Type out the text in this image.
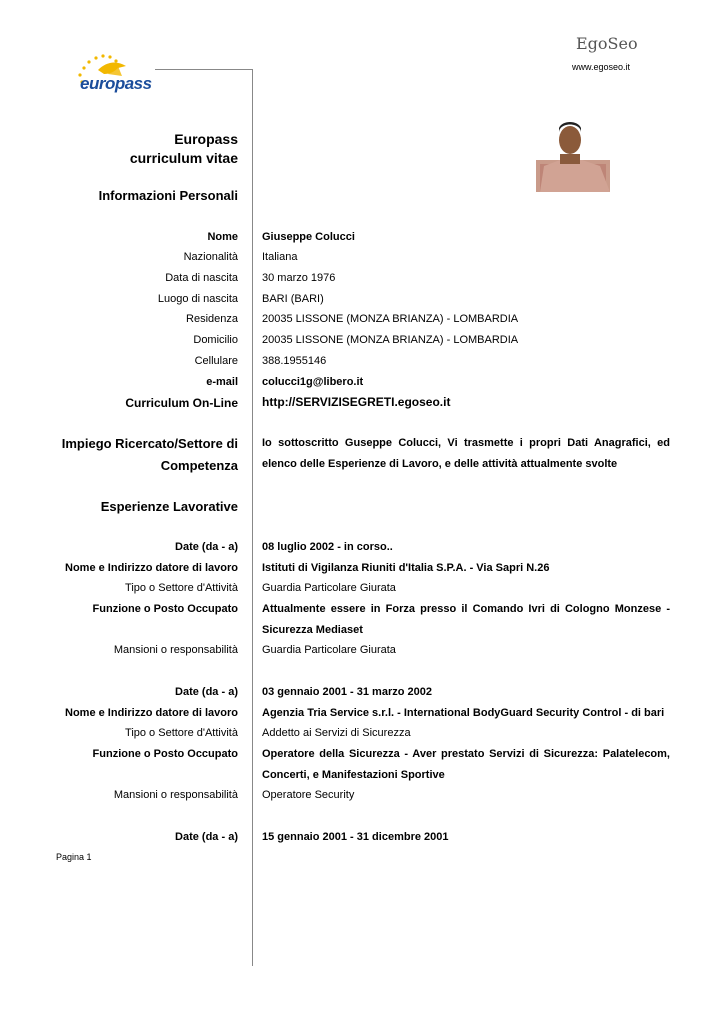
europass
EgoSeo
www.egoseo.it
Europass
curriculum vitae
Informazioni Personali
Nome Giuseppe Colucci
Nazionalità Italiana
Data di nascita 30 marzo 1976
Luogo di nascita BARI (BARI)
Residenza 20035 LISSONE (MONZA BRIANZA) - LOMBARDIA
Domicilio 20035 LISSONE (MONZA BRIANZA) - LOMBARDIA
Cellulare 388.1955146
e-mail colucci1g@libero.it
Curriculum On-Line http://SERVIZISEGRETI.egoseo.it
Impiego Ricercato/Settore di
Competenza
Io sottoscritto Guseppe Colucci, Vi trasmette i propri Dati Anagrafici, ed
elenco delle Esperienze di Lavoro, e delle attività attualmente svolte
Esperienze Lavorative
Date (da - a) 08 luglio 2002 - in corso..
Nome e Indirizzo datore di lavoro Istituti di Vigilanza Riuniti d'Italia S.P.A. - Via Sapri N.26
Tipo o Settore d'Attività Guardia Particolare Giurata
Funzione o Posto Occupato Attualmente essere in Forza presso il Comando Ivri di Cologno Monzese -
Sicurezza Mediaset
Mansioni o responsabilità Guardia Particolare Giurata
Date (da - a) 03 gennaio 2001 - 31 marzo 2002
Nome e Indirizzo datore di lavoro Agenzia Tria Service s.r.l. - International BodyGuard Security Control - di bari
Tipo o Settore d'Attività Addetto ai Servizi di Sicurezza
Funzione o Posto Occupato Operatore della Sicurezza - Aver prestato Servizi di Sicurezza: Palatelecom,
Concerti, e Manifestazioni Sportive
Mansioni o responsabilità Operatore Security
Date (da - a) 15 gennaio 2001 - 31 dicembre 2001
Pagina 1
